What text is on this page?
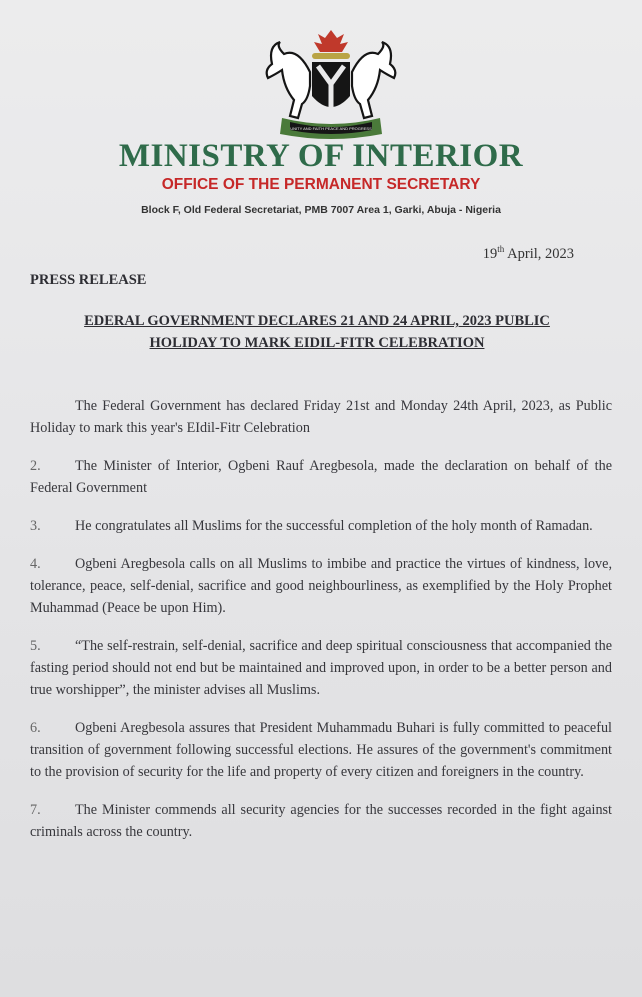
UNITY AND FAITH PEACE AND PROGRESS
MINISTRY OF INTERIOR
OFFICE OF THE PERMANENT SECRETARY
Block F, Old Federal Secretariat, PMB 7007 Area 1, Garki, Abuja - Nigeria
19th April, 2023
PRESS RELEASE
EDERAL GOVERNMENT DECLARES 21 AND 24 APRIL, 2023 PUBLIC
HOLIDAY TO MARK EIDIL-FITR CELEBRATION

The Federal Government has declared Friday 21st and Monday 24th April, 2023, as Public Holiday to mark this year's EIdil-Fitr Celebration

2. The Minister of Interior, Ogbeni Rauf Aregbesola, made the declaration on behalf of the Federal Government

3. He congratulates all Muslims for the successful completion of the holy month of Ramadan.

4. Ogbeni Aregbesola calls on all Muslims to imbibe and practice the virtues of kindness, love, tolerance, peace, self-denial, sacrifice and good neighbourliness, as exemplified by the Holy Prophet Muhammad (Peace be upon Him).

5. “The self-restrain, self-denial, sacrifice and deep spiritual consciousness that accompanied the fasting period should not end but be maintained and improved upon, in order to be a better person and true worshipper”, the minister advises all Muslims.

6. Ogbeni Aregbesola assures that President Muhammadu Buhari is fully committed to peaceful transition of government following successful elections. He assures of the government's commitment to the provision of security for the life and property of every citizen and foreigners in the country.

7. The Minister commends all security agencies for the successes recorded in the fight against criminals across the country.
